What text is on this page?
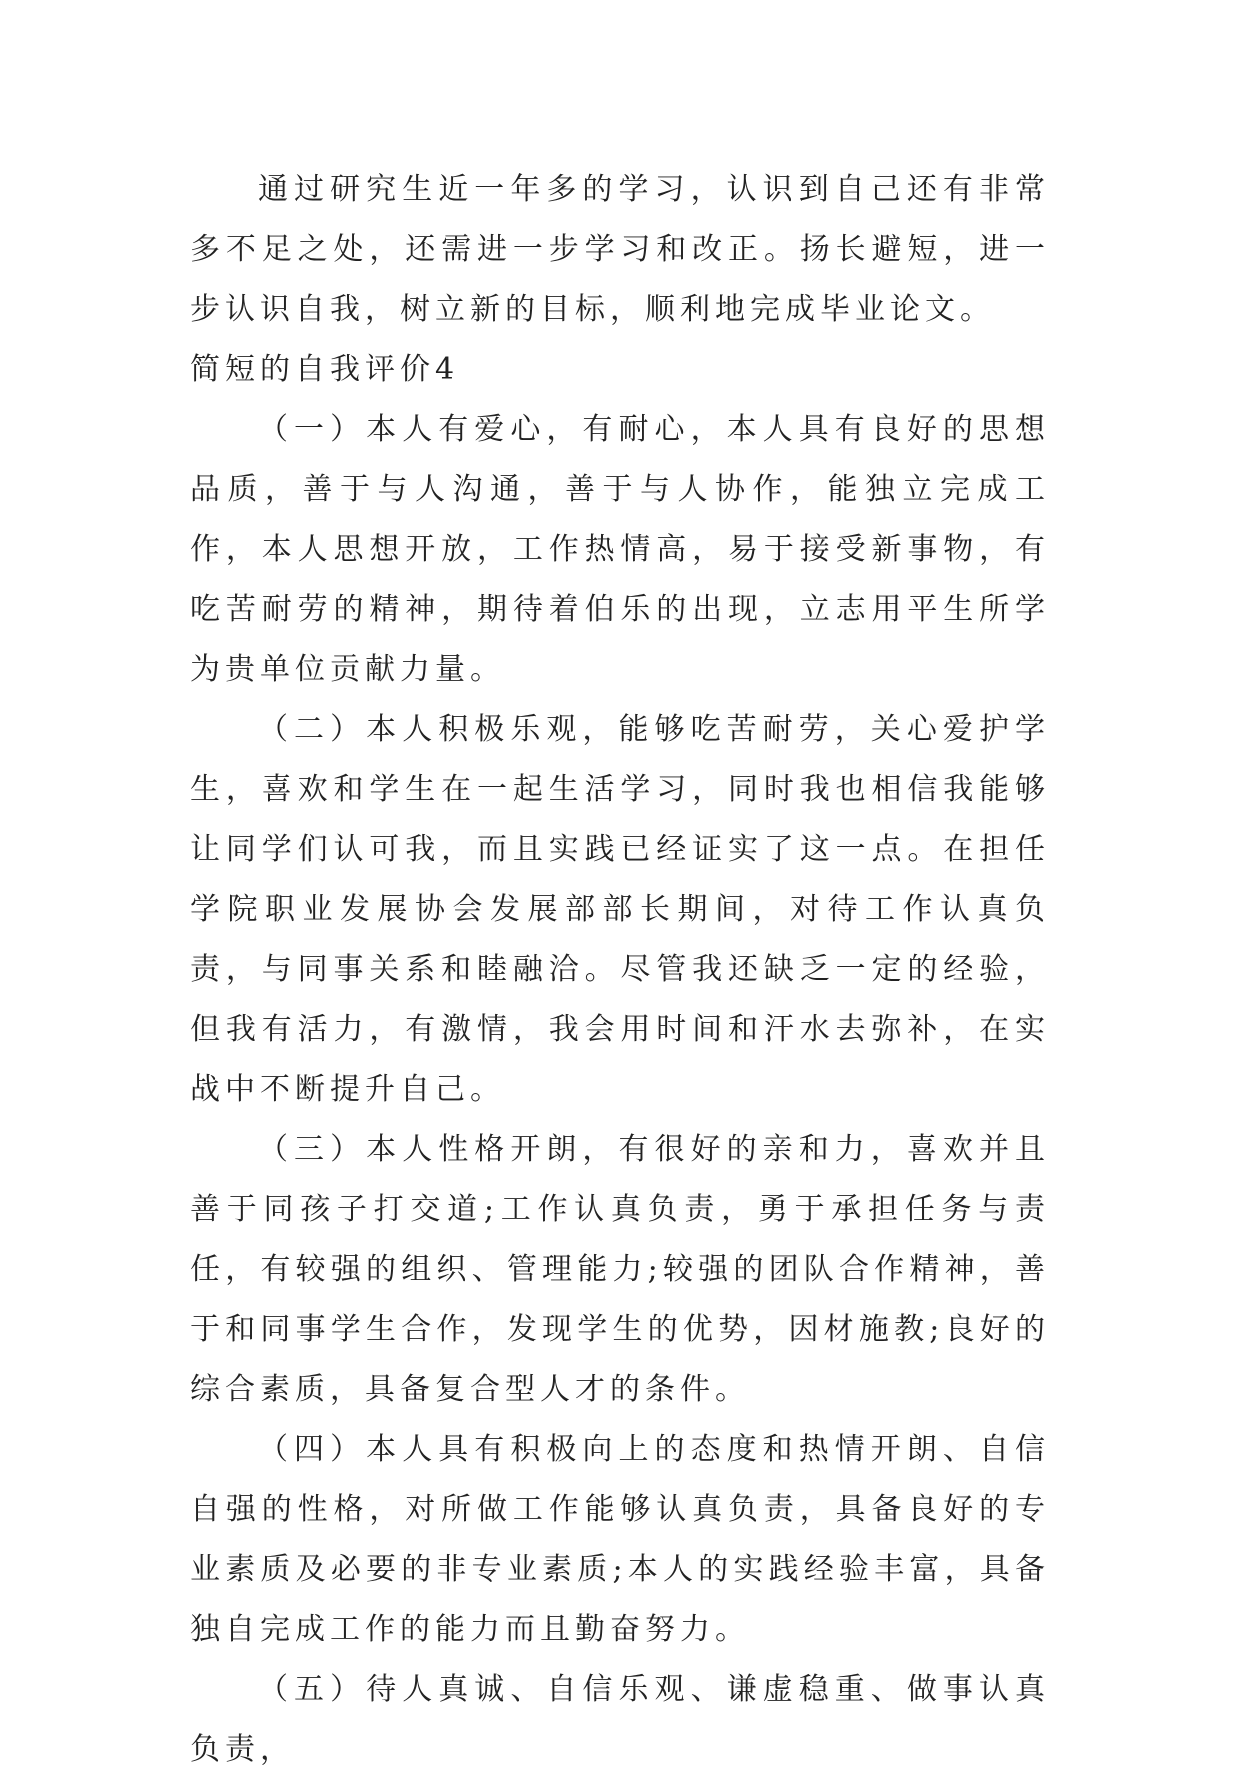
通过研究生近一年多的学习，认识到自己还有非常多不足之处，还需进一步学习和改正。扬长避短，进一步认识自我，树立新的目标，顺利地完成毕业论文。

简短的自我评价4

（一）本人有爱心，有耐心，本人具有良好的思想品质，善于与人沟通，善于与人协作，能独立完成工作，本人思想开放，工作热情高，易于接受新事物，有吃苦耐劳的精神，期待着伯乐的出现，立志用平生所学为贵单位贡献力量。

（二）本人积极乐观，能够吃苦耐劳，关心爱护学生，喜欢和学生在一起生活学习，同时我也相信我能够让同学们认可我，而且实践已经证实了这一点。在担任学院职业发展协会发展部部长期间，对待工作认真负责，与同事关系和睦融洽。尽管我还缺乏一定的经验，但我有活力，有激情，我会用时间和汗水去弥补，在实战中不断提升自己。

（三）本人性格开朗，有很好的亲和力，喜欢并且善于同孩子打交道;工作认真负责，勇于承担任务与责任，有较强的组织、管理能力;较强的团队合作精神，善于和同事学生合作，发现学生的优势，因材施教;良好的综合素质，具备复合型人才的条件。

（四）本人具有积极向上的态度和热情开朗、自信自强的性格，对所做工作能够认真负责，具备良好的专业素质及必要的非专业素质;本人的实践经验丰富，具备独自完成工作的能力而且勤奋努力。

（五）待人真诚、自信乐观、谦虚稳重、做事认真负责，
